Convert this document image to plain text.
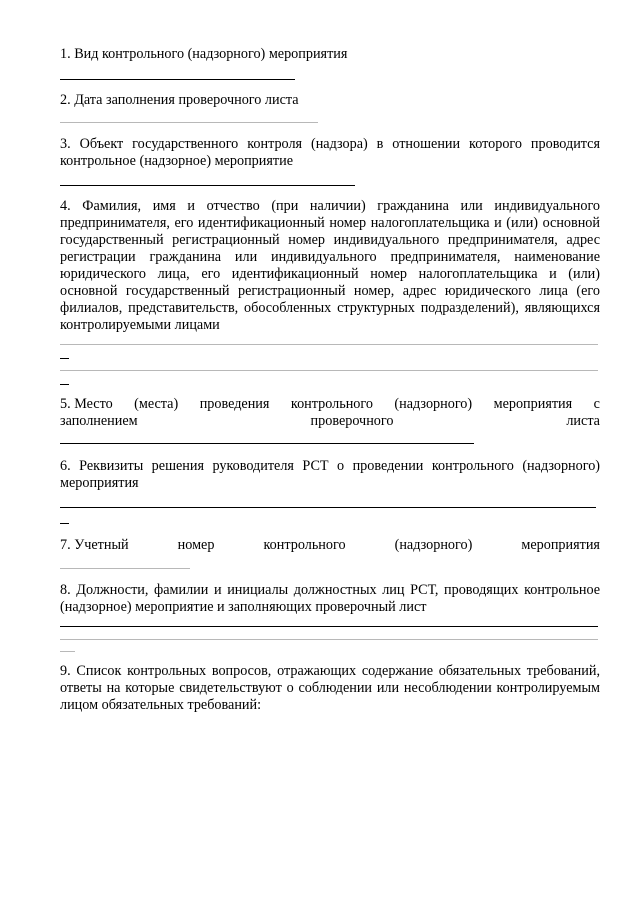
1. Вид контрольного (надзорного) мероприятия

2. Дата заполнения проверочного листа

3. Объект государственного контроля (надзора) в отношении которого проводится контрольное (надзорное) мероприятие

4. Фамилия, имя и отчество (при наличии) гражданина или индивидуального предпринимателя, его идентификационный номер налогоплательщика и (или) основной государственный регистрационный номер индивидуального предпринимателя, адрес регистрации гражданина или индивидуального предпринимателя, наименование юридического лица, его идентификационный номер налогоплательщика и (или) основной государственный регистрационный номер, адрес юридического лица (его филиалов, представительств, обособленных структурных подразделений), являющихся контролируемыми лицами

5. Место (места) проведения контрольного (надзорного) мероприятия с
заполнением	проверочного	листа

6. Реквизиты решения руководителя РСТ о проведении контрольного (надзорного) мероприятия

7. Учетный	номер	контрольного	(надзорного)	мероприятия

8. Должности, фамилии и инициалы должностных лиц РСТ, проводящих контрольное (надзорное) мероприятие и заполняющих проверочный лист

9. Список контрольных вопросов, отражающих содержание обязательных требований, ответы на которые свидетельствуют о соблюдении или несоблюдении контролируемым лицом обязательных требований:
